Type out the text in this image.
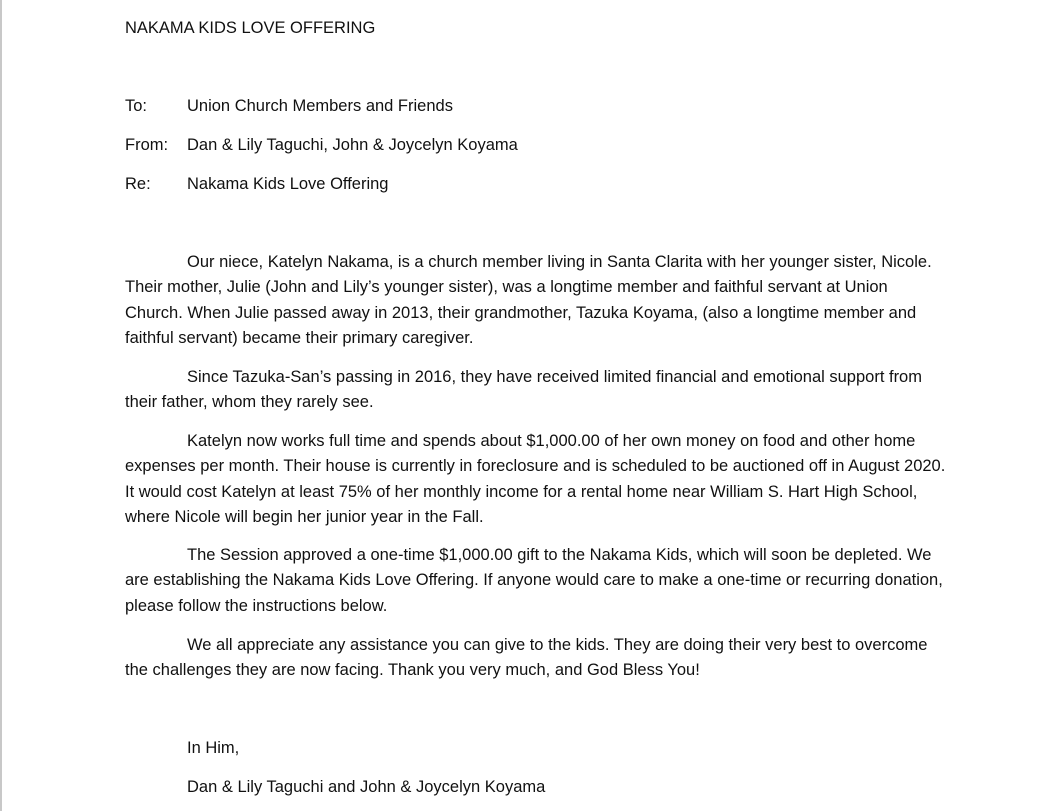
NAKAMA KIDS LOVE OFFERING
To: Union Church Members and Friends
From: Dan & Lily Taguchi, John & Joycelyn Koyama
Re: Nakama Kids Love Offering

Our niece, Katelyn Nakama, is a church member living in Santa Clarita with her younger sister, Nicole. Their mother, Julie (John and Lily’s younger sister), was a longtime member and faithful servant at Union Church. When Julie passed away in 2013, their grandmother, Tazuka Koyama, (also a longtime member and faithful servant) became their primary caregiver.

Since Tazuka-San’s passing in 2016, they have received limited financial and emotional support from their father, whom they rarely see.

Katelyn now works full time and spends about $1,000.00 of her own money on food and other home expenses per month. Their house is currently in foreclosure and is scheduled to be auctioned off in August 2020. It would cost Katelyn at least 75% of her monthly income for a rental home near William S. Hart High School, where Nicole will begin her junior year in the Fall.

The Session approved a one-time $1,000.00 gift to the Nakama Kids, which will soon be depleted. We are establishing the Nakama Kids Love Offering. If anyone would care to make a one-time or recurring donation, please follow the instructions below.

We all appreciate any assistance you can give to the kids. They are doing their very best to overcome the challenges they are now facing. Thank you very much, and God Bless You!

In Him,
Dan & Lily Taguchi and John & Joycelyn Koyama
